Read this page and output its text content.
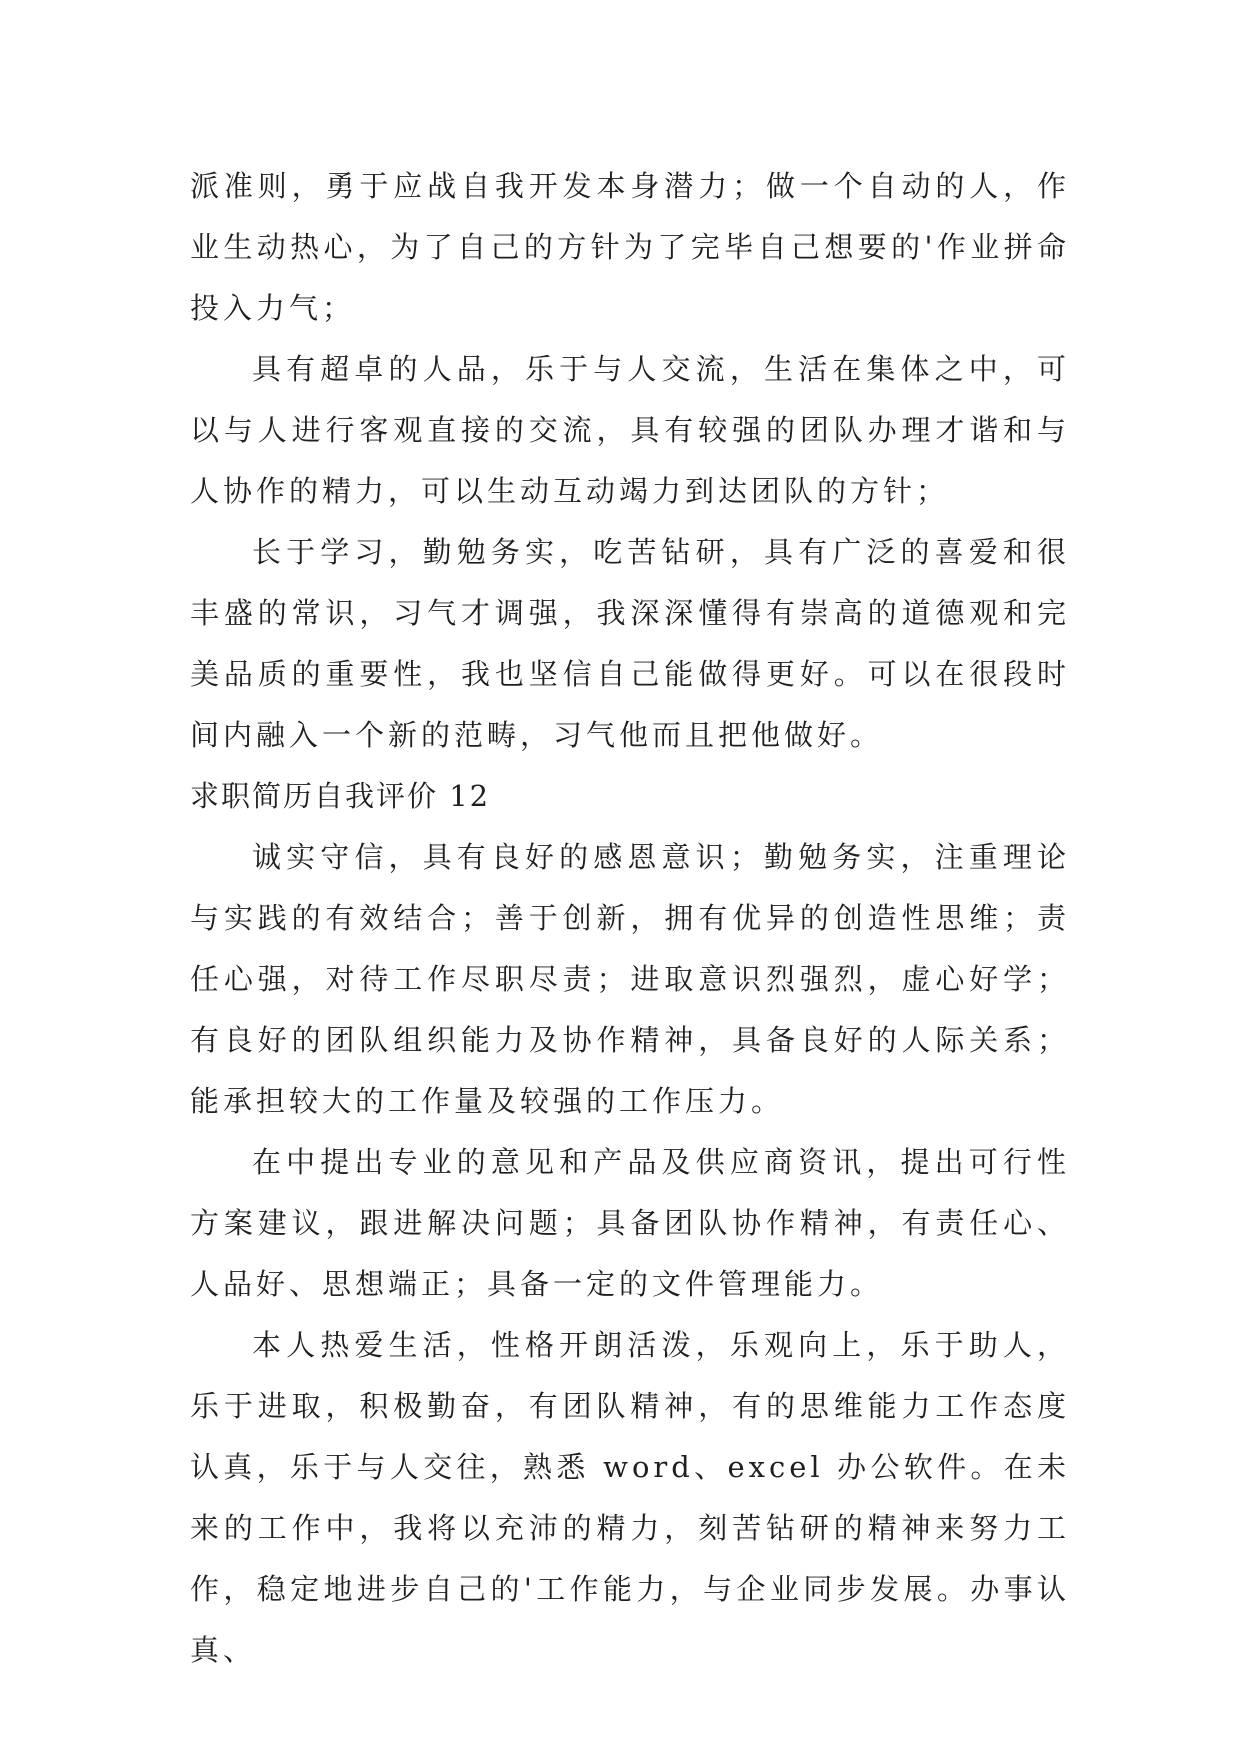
派准则，勇于应战自我开发本身潜力；做一个自动的人，作业生动热心，为了自己的方针为了完毕自己想要的'作业拼命投入力气；

具有超卓的人品，乐于与人交流，生活在集体之中，可以与人进行客观直接的交流，具有较强的团队办理才谐和与人协作的精力，可以生动互动竭力到达团队的方针；

长于学习，勤勉务实，吃苦钻研，具有广泛的喜爱和很丰盛的常识，习气才调强，我深深懂得有崇高的道德观和完美品质的重要性，我也坚信自己能做得更好。可以在很段时间内融入一个新的范畴，习气他而且把他做好。

求职简历自我评价 12

诚实守信，具有良好的感恩意识；勤勉务实，注重理论与实践的有效结合；善于创新，拥有优异的创造性思维；责任心强，对待工作尽职尽责；进取意识烈强烈，虚心好学；有良好的团队组织能力及协作精神，具备良好的人际关系；能承担较大的工作量及较强的工作压力。

在中提出专业的意见和产品及供应商资讯，提出可行性方案建议，跟进解决问题；具备团队协作精神，有责任心、人品好、思想端正；具备一定的文件管理能力。

本人热爱生活，性格开朗活泼，乐观向上，乐于助人，乐于进取，积极勤奋，有团队精神，有的思维能力工作态度认真，乐于与人交往，熟悉 word、excel 办公软件。在未来的工作中，我将以充沛的精力，刻苦钻研的精神来努力工作，稳定地进步自己的'工作能力，与企业同步发展。办事认真、
